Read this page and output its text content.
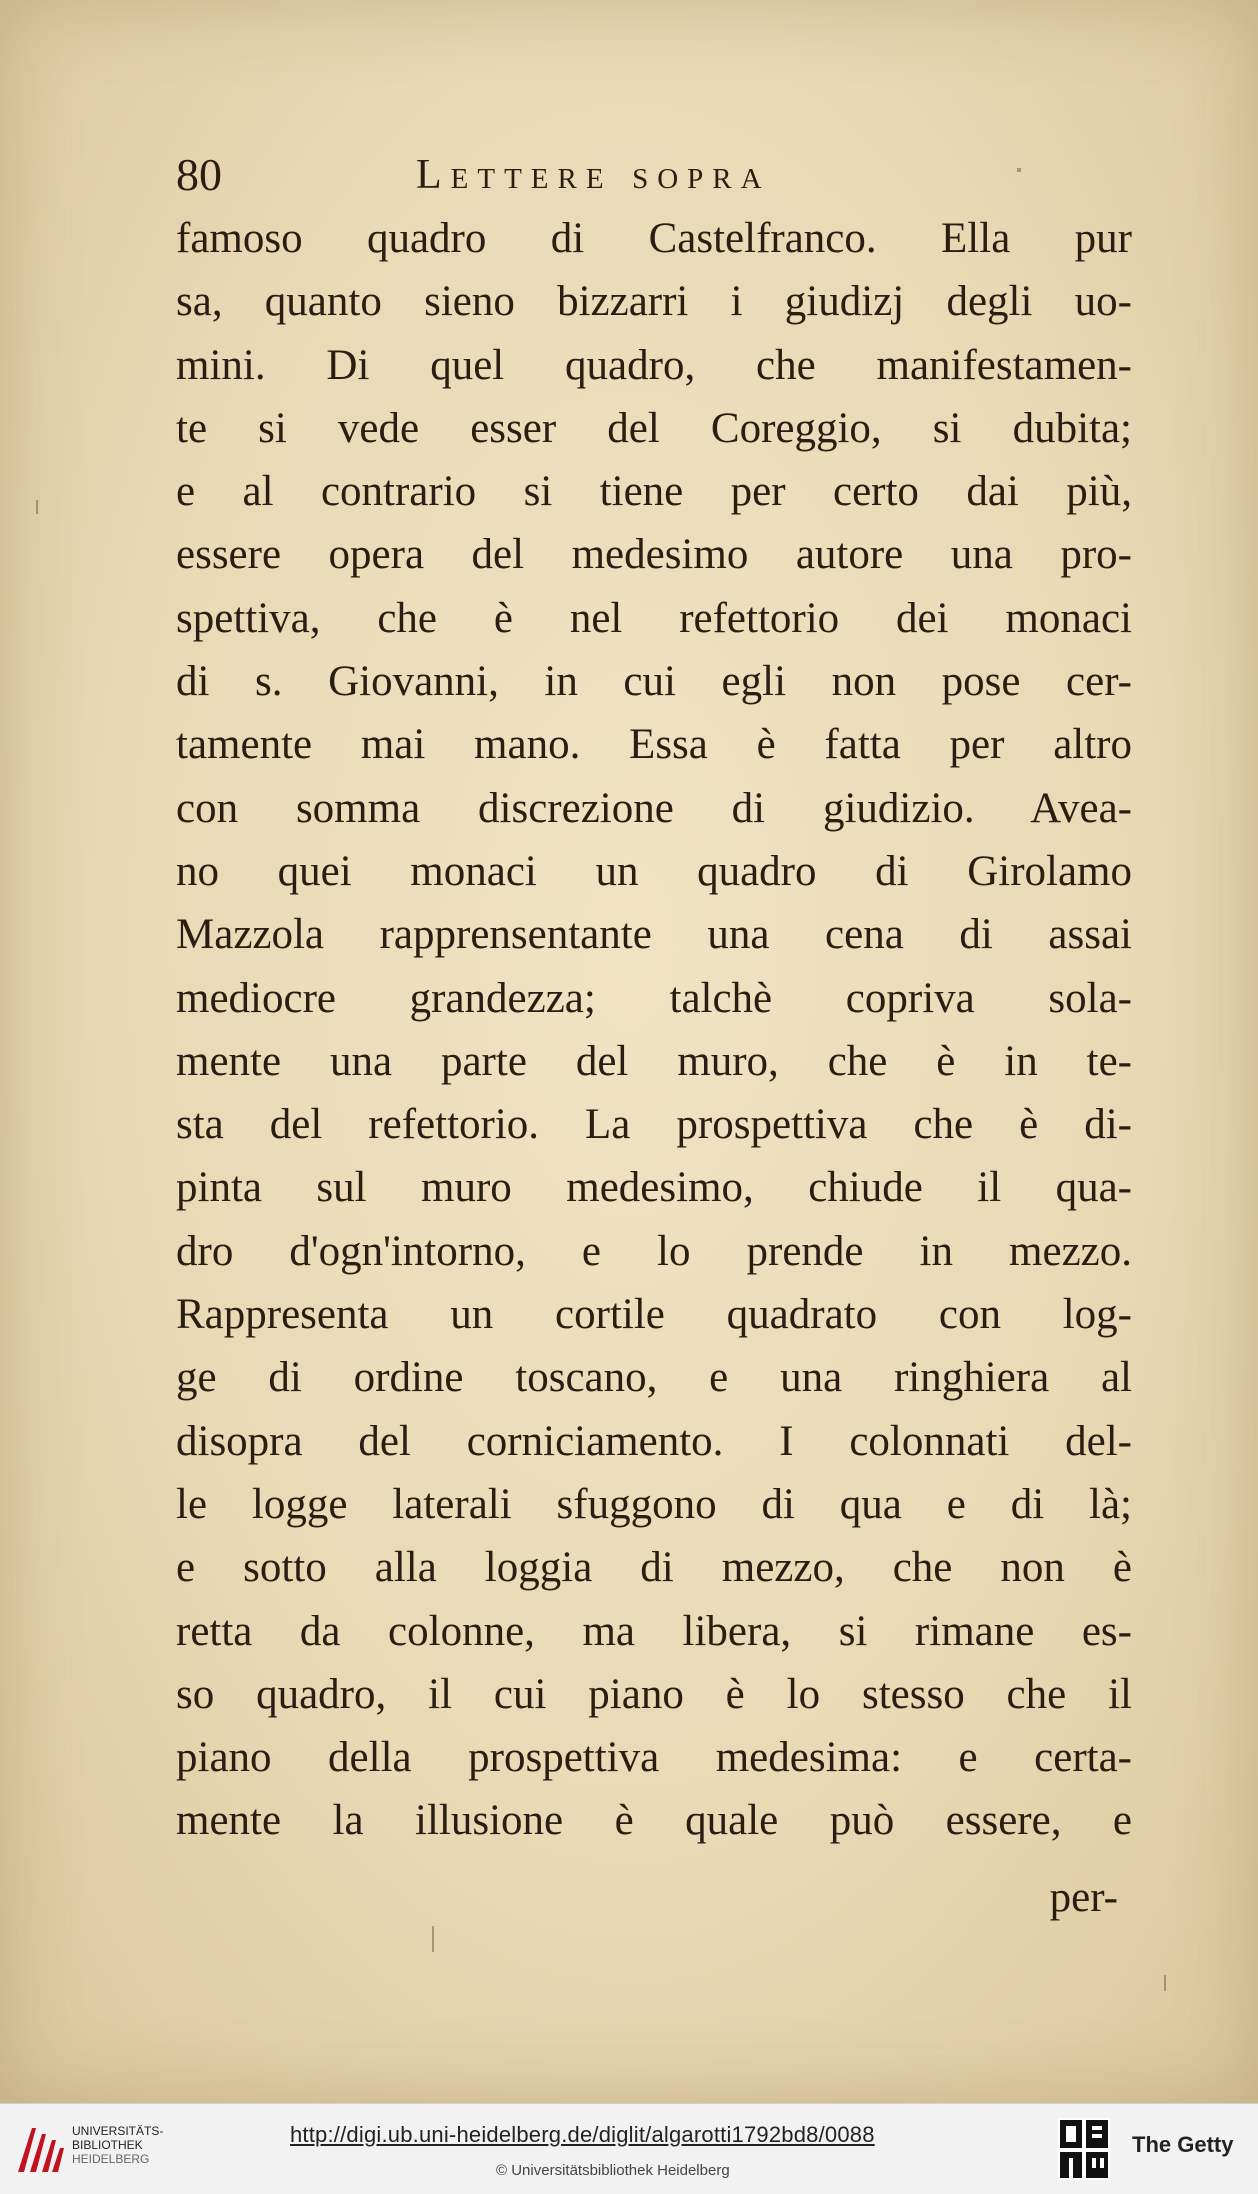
80	Lettere sopra
famoso quadro di Castelfranco. Ella pur
sa, quanto sieno bizzarri i giudizj degli uo-
mini. Di quel quadro, che manifestamen-
te si vede esser del Coreggio, si dubita;
e al contrario si tiene per certo dai più,
essere opera del medesimo autore una pro-
spettiva, che è nel refettorio dei monaci
di s. Giovanni, in cui egli non pose cer-
tamente mai mano. Essa è fatta per altro
con somma discrezione di giudizio. Avea-
no quei monaci un quadro di Girolamo
Mazzola rapprensentante una cena di assai
mediocre grandezza; talchè copriva sola-
mente una parte del muro, che è in te-
sta del refettorio. La prospettiva che è di-
pinta sul muro medesimo, chiude il qua-
dro d'ogn'intorno, e lo prende in mezzo.
Rappresenta un cortile quadrato con log-
ge di ordine toscano, e una ringhiera al
disopra del corniciamento. I colonnati del-
le logge laterali sfuggono di qua e di là;
e sotto alla loggia di mezzo, che non è
retta da colonne, ma libera, si rimane es-
so quadro, il cui piano è lo stesso che il
piano della prospettiva medesima: e certa-
mente la illusione è quale può essere, e
per-
UNIVERSITÄTS-
BIBLIOTHEK
HEIDELBERG
http://digi.ub.uni-heidelberg.de/diglit/algarotti1792bd8/0088
© Universitätsbibliothek Heidelberg
The Getty
